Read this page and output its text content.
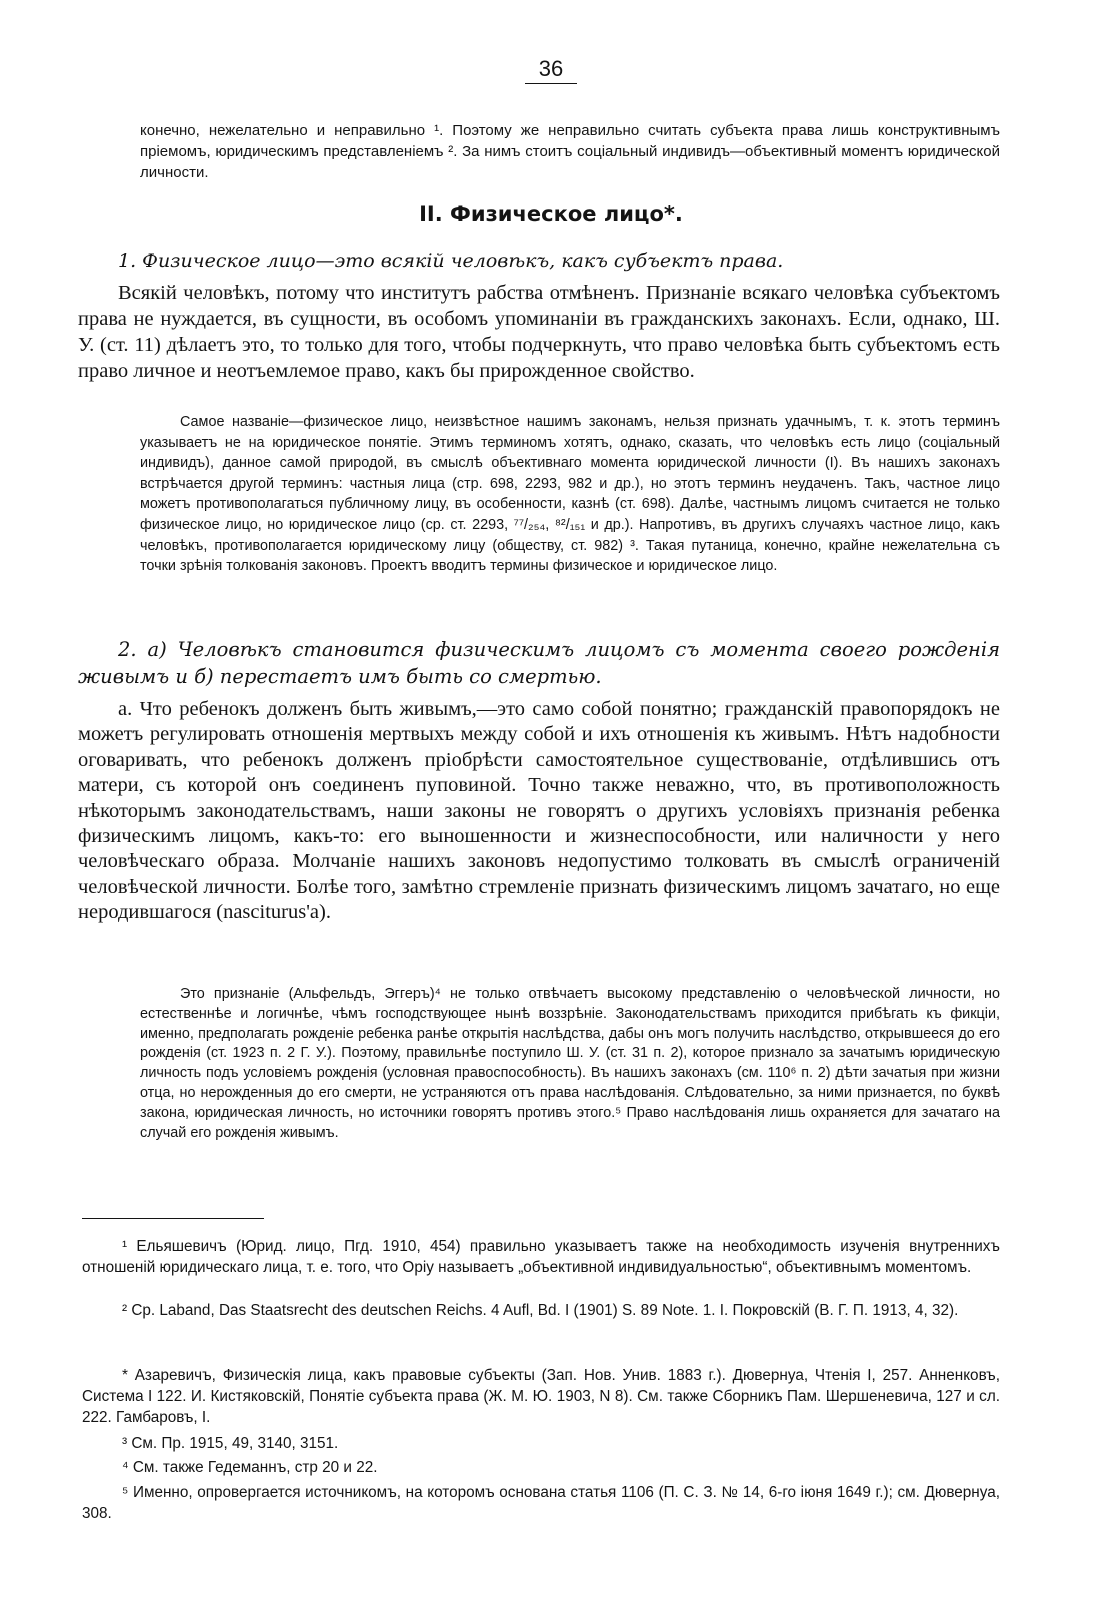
36

конечно, нежелательно и неправильно ¹. Поэтому же неправильно считать субъекта права лишь конструктивнымъ пріемомъ, юридическимъ представленіемъ ². За нимъ стоитъ соціальный индивидъ—объективный моментъ юридической личности.

II. Физическое лицо*.

1. Физическое лицо—это всякій человѣкъ, какъ субъектъ права.

Всякій человѣкъ, потому что институтъ рабства отмѣненъ. Признаніе всякаго человѣка субъектомъ права не нуждается, въ сущности, въ особомъ упоминаніи въ гражданскихъ законахъ. Если, однако, Ш. У. (ст. 11) дѣлаетъ это, то только для того, чтобы подчеркнуть, что право человѣка быть субъектомъ есть право личное и неотъемлемое право, какъ бы прирожденное свойство.

Самое названіе—физическое лицо, неизвѣстное нашимъ законамъ, нельзя признать удачнымъ, т. к. этотъ терминъ указываетъ не на юридическое понятіе. Этимъ терминомъ хотятъ, однако, сказать, что человѣкъ есть лицо (соціальный индивидъ), данное самой природой, въ смыслѣ объективнаго момента юридической личности (I). Въ нашихъ законахъ встрѣчается другой терминъ: частныя лица (стр. 698, 2293, 982 и др.), но этотъ терминъ неудаченъ. Такъ, частное лицо можетъ противополагаться публичному лицу, въ особенности, казнѣ (ст. 698). Далѣе, частнымъ лицомъ считается не только физическое лицо, но юридическое лицо (ср. ст. 2293, ⁷⁷/₂₅₄, ⁸²/₁₅₁ и др.). Напротивъ, въ другихъ случаяхъ частное лицо, какъ человѣкъ, противополагается юридическому лицу (обществу, ст. 982) ³. Такая путаница, конечно, крайне нежелательна съ точки зрѣнія толкованія законовъ. Проектъ вводитъ термины физическое и юридическое лицо.

2. а) Человѣкъ становится физическимъ лицомъ съ момента своего рожденія живымъ и б) перестаетъ имъ быть со смертью.

а. Что ребенокъ долженъ быть живымъ,—это само собой понятно; гражданскій правопорядокъ не можетъ регулировать отношенія мертвыхъ между собой и ихъ отношенія къ живымъ. Нѣтъ надобности оговаривать, что ребенокъ долженъ пріобрѣсти самостоятельное существованіе, отдѣлившись отъ матери, съ которой онъ соединенъ пуповиной. Точно также неважно, что, въ противоположность нѣкоторымъ законодательствамъ, наши законы не говорятъ о другихъ условіяхъ признанія ребенка физическимъ лицомъ, какъ-то: его выношенности и жизнеспособности, или наличности у него человѣческаго образа. Молчаніе нашихъ законовъ недопустимо толковать въ смыслѣ ограниченій человѣческой личности. Болѣе того, замѣтно стремленіе признать физическимъ лицомъ зачатаго, но еще неродившагося (nasciturus'а).

Это признаніе (Альфельдъ, Эггеръ)⁴ не только отвѣчаетъ высокому представленію о человѣческой личности, но естественнѣе и логичнѣе, чѣмъ господствующее нынѣ воззрѣніе. Законодательствамъ приходится прибѣгать къ фикціи, именно, предполагать рожденіе ребенка ранѣе открытія наслѣдства, дабы онъ могъ получить наслѣдство, открывшееся до его рожденія (ст. 1923 п. 2 Г. У.). Поэтому, правильнѣе поступило Ш. У. (ст. 31 п. 2), которое признало за зачатымъ юридическую личность подъ условіемъ рожденія (условная правоспособность). Въ нашихъ законахъ (см. 110⁶ п. 2) дѣти зачатыя при жизни отца, но нерожденныя до его смерти, не устраняются отъ права наслѣдованія. Слѣдовательно, за ними признается, по буквѣ закона, юридическая личность, но источники говорятъ противъ этого.⁵ Право наслѣдованія лишь охраняется для зачатаго на случай его рожденія живымъ.

¹ Ельяшевичъ (Юрид. лицо, Пгд. 1910, 454) правильно указываетъ также на необходимость изученія внутреннихъ отношеній юридическаго лица, т. е. того, что Opiу называетъ „объективной индивидуальностью“, объективнымъ моментомъ.

² Ср. Laband, Das Staatsrecht des deutschen Reichs. 4 Aufl, Bd. I (1901) S. 89 Note. 1. I. Покровскій (В. Г. П. 1913, 4, 32).

* Азаревичъ, Физическія лица, какъ правовые субъекты (Зап. Нов. Унив. 1883 г.). Дювернуа, Чтенія I, 257. Анненковъ, Система I 122. И. Кистяковскій, Понятіе субъекта права (Ж. М. Ю. 1903, N 8). См. также Сборникъ Пам. Шершеневича, 127 и сл. 222. Гамбаровъ, I.

³ См. Пр. 1915, 49, 3140, 3151.

⁴ См. также Гедеманнъ, стр 20 и 22.

⁵ Именно, опровергается источникомъ, на которомъ основана статья 1106 (П. С. З. № 14, 6-го іюня 1649 г.); см. Дювернуа, 308.
